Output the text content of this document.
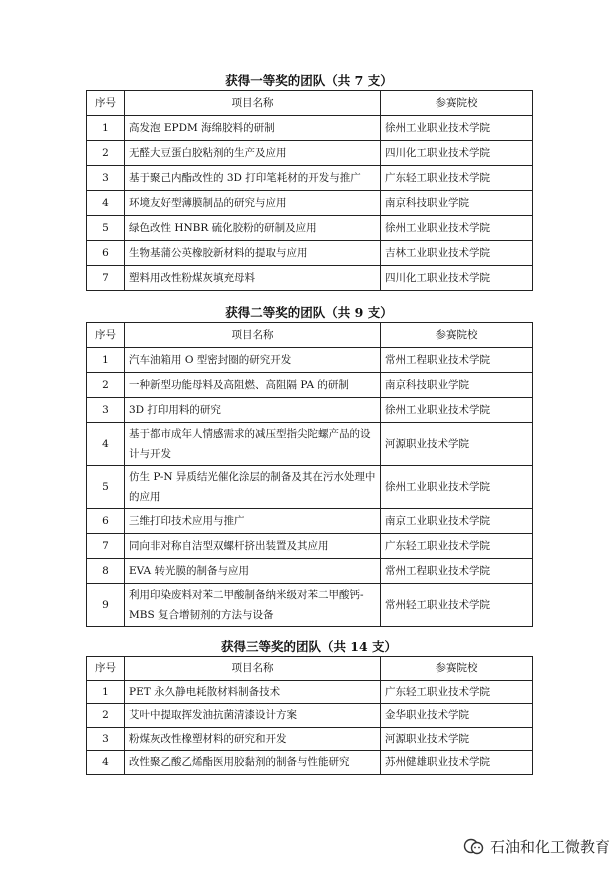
获得一等奖的团队（共 7 支）
序号	项目名称	参赛院校
1	高发泡 EPDM 海绵胶料的研制	徐州工业职业技术学院
2	无醛大豆蛋白胶粘剂的生产及应用	四川化工职业技术学院
3	基于聚己内酯改性的 3D 打印笔耗材的开发与推广	广东轻工职业技术学院
4	环境友好型薄膜制品的研究与应用	南京科技职业学院
5	绿色改性 HNBR 硫化胶粉的研制及应用	徐州工业职业技术学院
6	生物基蒲公英橡胶新材料的提取与应用	吉林工业职业技术学院
7	塑料用改性粉煤灰填充母料	四川化工职业技术学院
获得二等奖的团队（共 9 支）
序号	项目名称	参赛院校
1	汽车油箱用 O 型密封圈的研究开发	常州工程职业技术学院
2	一种新型功能母料及高阻燃、高阻隔 PA 的研制	南京科技职业学院
3	3D 打印用料的研究	徐州工业职业技术学院
4	基于都市成年人情感需求的减压型指尖陀螺产品的设计与开发	河源职业技术学院
5	仿生 P-N 异质结光催化涂层的制备及其在污水处理中的应用	徐州工业职业技术学院
6	三维打印技术应用与推广	南京工业职业技术学院
7	同向非对称自洁型双螺杆挤出装置及其应用	广东轻工职业技术学院
8	EVA 转光膜的制备与应用	常州工程职业技术学院
9	利用印染废料对苯二甲酸制备纳米级对苯二甲酸钙-MBS 复合增韧剂的方法与设备	常州轻工职业技术学院
获得三等奖的团队（共 14 支）
序号	项目名称	参赛院校
1	PET 永久静电耗散材料制备技术	广东轻工职业技术学院
2	艾叶中提取挥发油抗菌清漆设计方案	金华职业技术学院
3	粉煤灰改性橡塑材料的研究和开发	河源职业技术学院
4	改性聚乙酸乙烯酯医用胶黏剂的制备与性能研究	苏州健雄职业技术学院
石油和化工微教育
